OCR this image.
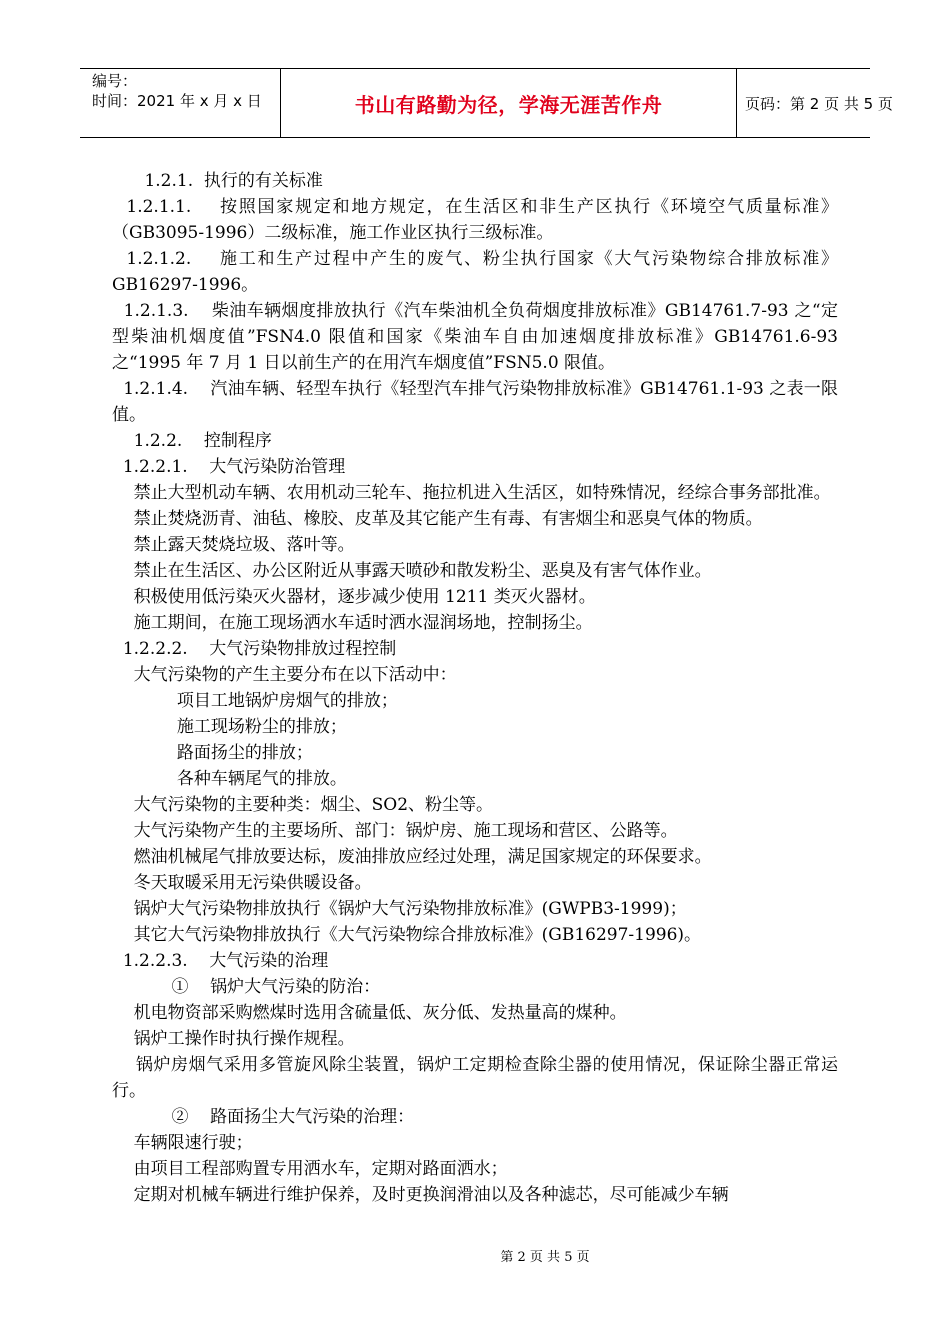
编号：
时间：2021 年 x 月 x 日	书山有路勤为径，学海无涯苦作舟	页码：第 2 页 共 5 页

1.2.1.  执行的有关标准

1.2.1.1.    按照国家规定和地方规定，在生活区和非生产区执行《环境空气质量标准》（GB3095-1996）二级标准，施工作业区执行三级标准。

1.2.1.2.    施工和生产过程中产生的废气、粉尘执行国家《大气污染物综合排放标准》GB16297-1996。

1.2.1.3.    柴油车辆烟度排放执行《汽车柴油机全负荷烟度排放标准》GB14761.7-93 之“定型柴油机烟度值”FSN4.0 限值和国家《柴油车自由加速烟度排放标准》GB14761.6-93 之“1995 年 7 月 1 日以前生产的在用汽车烟度值”FSN5.0 限值。

1.2.1.4.    汽油车辆、轻型车执行《轻型汽车排气污染物排放标准》GB14761.1-93 之表一限值。

1.2.2.    控制程序

1.2.2.1.    大气污染防治管理

禁止大型机动车辆、农用机动三轮车、拖拉机进入生活区，如特殊情况，经综合事务部批准。

禁止焚烧沥青、油毡、橡胶、皮革及其它能产生有毒、有害烟尘和恶臭气体的物质。

禁止露天焚烧垃圾、落叶等。

禁止在生活区、办公区附近从事露天喷砂和散发粉尘、恶臭及有害气体作业。

积极使用低污染灭火器材，逐步减少使用 1211 类灭火器材。

施工期间，在施工现场洒水车适时洒水湿润场地，控制扬尘。

1.2.2.2.    大气污染物排放过程控制

大气污染物的产生主要分布在以下活动中：

项目工地锅炉房烟气的排放；

施工现场粉尘的排放；

路面扬尘的排放；

各种车辆尾气的排放。

大气污染物的主要种类：烟尘、SO2、粉尘等。

大气污染物产生的主要场所、部门：锅炉房、施工现场和营区、公路等。

燃油机械尾气排放要达标，废油排放应经过处理，满足国家规定的环保要求。

冬天取暖采用无污染供暖设备。

锅炉大气污染物排放执行《锅炉大气污染物排放标准》(GWPB3-1999)；

其它大气污染物排放执行《大气污染物综合排放标准》(GB16297-1996)。

1.2.2.3.    大气污染的治理

①    锅炉大气污染的防治：

机电物资部采购燃煤时选用含硫量低、灰分低、发热量高的煤种。

锅炉工操作时执行操作规程。

锅炉房烟气采用多管旋风除尘装置，锅炉工定期检查除尘器的使用情况，保证除尘器正常运行。

②    路面扬尘大气污染的治理：

车辆限速行驶；

由项目工程部购置专用洒水车，定期对路面洒水；

定期对机械车辆进行维护保养，及时更换润滑油以及各种滤芯，尽可能减少车辆

第 2 页 共 5 页
